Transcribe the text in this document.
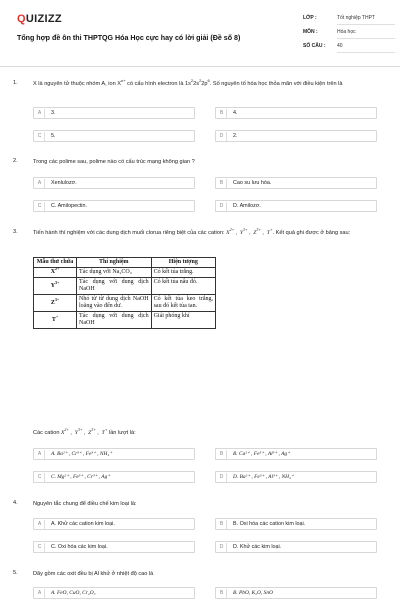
QUIZIZZ
Tổng hợp đề ôn thi THPTQG Hóa Học cực hay có lời giải (Đề số 8)
LỚP :	Tốt nghiệp THPT
MÔN :	Hóa học
SỐ CÂU :	40
1.	X là nguyên tử thuộc nhóm A, ion $X^{n+}$ có cấu hình electron là $1s^22s^22p^6$. Số nguyên tố hóa học thỏa mãn với điều kiện trên là
A	3.	B	4.
C	5.	D	2.
2.	Trong các polime sau, polime nào có cấu trúc mạng không gian ?
A	Xenlulozơ.	B	Cao su lưu hóa.
C	C. Amilopectin.	D	D. Amilozơ.
3.	Tiến hành thí nghiệm với các dung dịch muối clorua riêng biệt của các cation: $X^{2+}$ ,  $Y^{3+}$ ,  $Z^{3+}$ ,  T+. Kết quả ghi được ở bảng sau:
Mẫu thử chứa	Thí nghiệm	Hiện tượng
$X^{2+}$	Tác dụng với Na₂CO₃	Có kết tủa trắng.
$Y^{3+}$	Tác dụng với dung dịch NaOH	Có kết tủa nâu đỏ.
$Z^{3+}$	Nhỏ từ từ dung dịch NaOH loãng vào đến dư.	Có kết tủa keo trắng, sau đó kết tủa tan.
T+	Tác dụng với dung dịch NaOH	Giải phóng khí
Các cation $X^{2+}$ ,  $Y^{3+}$ ,  $Z^{3+}$ ,  T+ lần lượt là:
A	A. Ba²⁺ , Cr³⁺ , Fe³⁺ , NH₄⁺	B	B. Ca²⁺ , Fe³⁺ , Al³⁺ , Ag⁺
C	C. Mg²⁺ , Fe³⁺ , Cr³⁺ , Ag⁺	D	D. Ba²⁺ , Fe³⁺ , Al³⁺ , NH₄⁺
4.	Nguyên tắc chung để điều chế kim loại là:
A	A. Khử các cation kim loại.	B	B. Oxi hóa các cation kim loại.
C	C. Oxi hóa các kim loại.	D	D. Khử các kim loại.
5.	Dãy gồm các oxit đều bị Al khử ở nhiệt độ cao là
A	A. FeO, CuO, Cr₂O₃	B	B. PbO, K₂O, SnO
